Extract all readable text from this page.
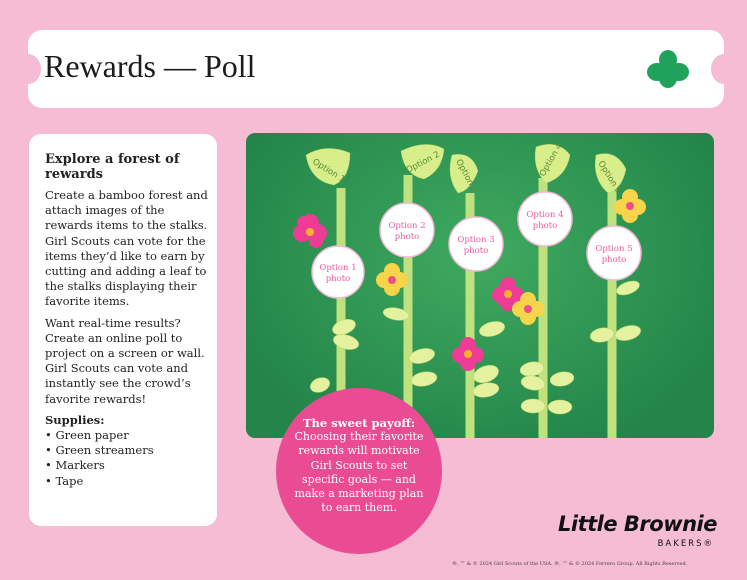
Rewards — Poll
Explore a forest of rewards

Create a bamboo forest and attach images of the rewards items to the stalks. Girl Scouts can vote for the items they’d like to earn by cutting and adding a leaf to the stalks displaying their favorite items.

Want real-time results? Create an online poll to project on a screen or wall. Girl Scouts can vote and instantly see the crowd’s favorite rewards!

Supplies:
• Green paper
• Green streamers
• Markers
• Tape
Option 1	Option 2 Option 3	Option 4	Option 5
Option 1 photo
Option 2 photo	Option 3 photo
Option 4 photo
Option 5 photo
The sweet payoff:
Choosing their favorite rewards will motivate Girl Scouts to set specific goals — and make a marketing plan to earn them.
Little Brownie
BAKERS®
®, ™ & © 2024 Girl Scouts of the USA. ®, ™ & © 2024 Ferrero Group. All Rights Reserved.
